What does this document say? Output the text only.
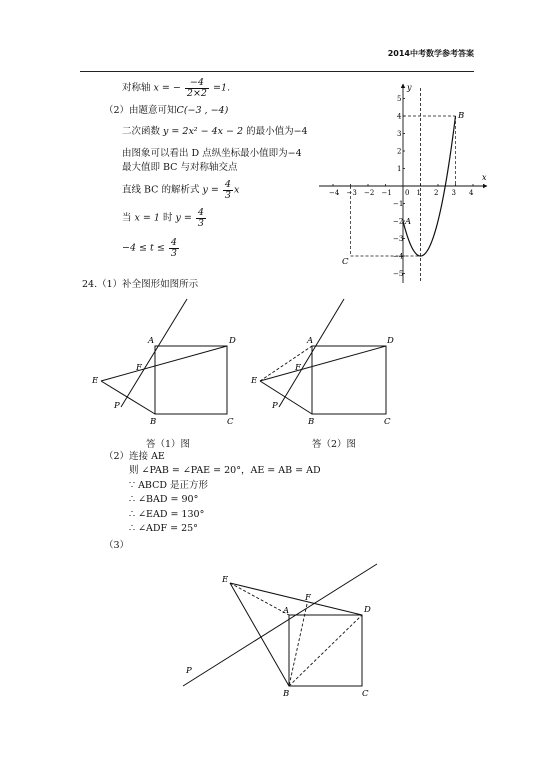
2014中考数学参考答案
对称轴 x = − $\frac{-4}{2\times 2} =1$.
（2）由题意可知C(−3 , −4)
二次函数 y = 2x² − 4x − 2 的最小值为−4
由图象可以看出 D 点纵坐标最小值即为−4
最大值即 BC 与对称轴交点
直线 BC 的解析式 $y = \frac{4}{3}$ x
当 x = 1 时 $y = \frac{4}{3}$
$-4 \le t \le \frac{4}{3}$
x
y
−4 −3 −2 −1 0 1 2 3 4
5
4
3
2
1
−1
−2
−3
−4
−5
B
A
C
24.（1）补全图形如图所示
A	D
B	C
E
F
P
答（1）图
A	D
B	C
E
F
P
答（2）图
（2）连接 AE
则 ∠PAB = ∠PAE = 20°，AE = AB = AD
∵ ABCD 是正方形
∴ ∠BAD = 90°
∴ ∠EAD = 130°
∴ ∠ADF = 25°
（3）
E
F
A	D
B	C
P
